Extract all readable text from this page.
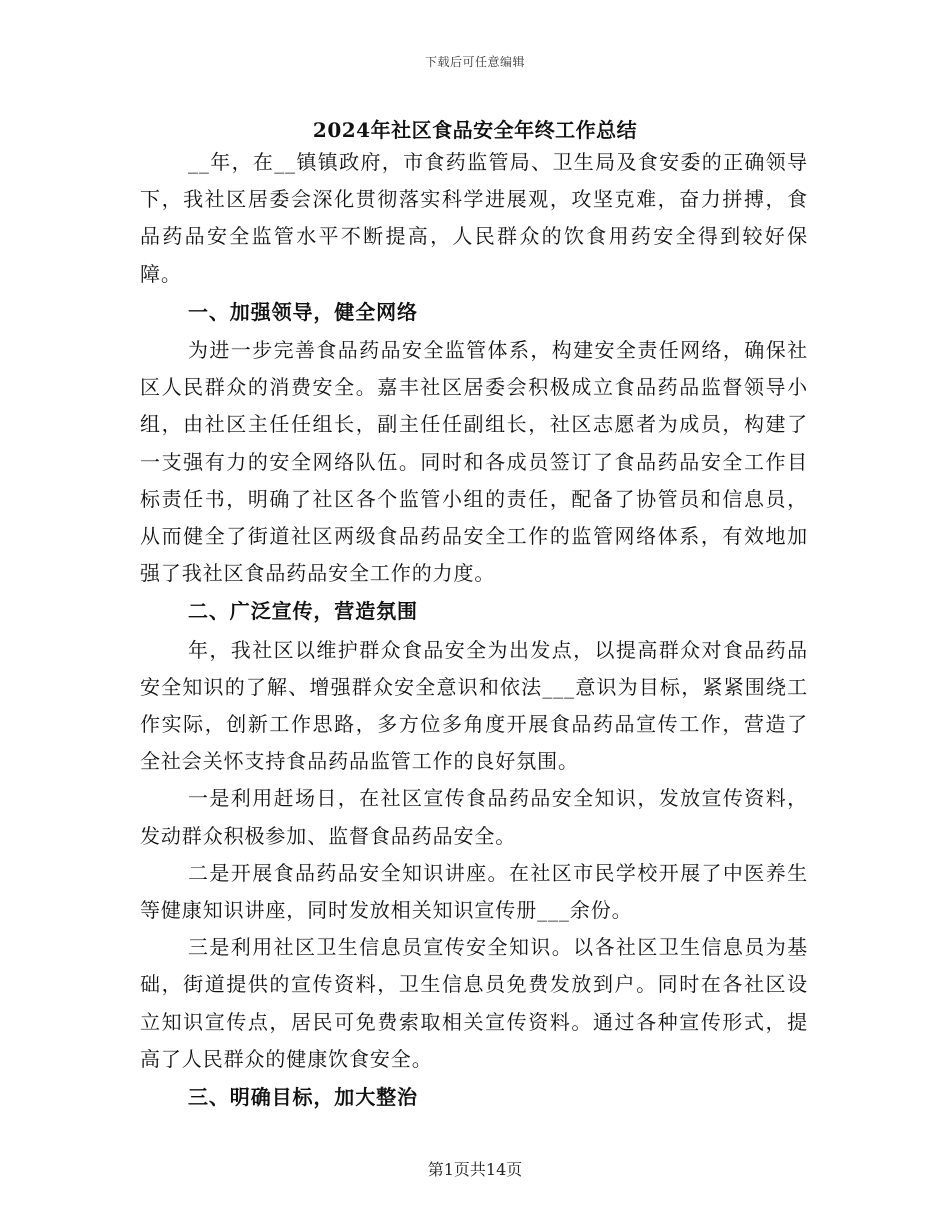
下载后可任意编辑
2024年社区食品安全年终工作总结

__年，在__镇镇政府，市食药监管局、卫生局及食安委的正确领导下，我社区居委会深化贯彻落实科学进展观，攻坚克难，奋力拼搏，食品药品安全监管水平不断提高，人民群众的饮食用药安全得到较好保障。

一、加强领导，健全网络

为进一步完善食品药品安全监管体系，构建安全责任网络，确保社区人民群众的消费安全。嘉丰社区居委会积极成立食品药品监督领导小组，由社区主任任组长，副主任任副组长，社区志愿者为成员，构建了一支强有力的安全网络队伍。同时和各成员签订了食品药品安全工作目标责任书，明确了社区各个监管小组的责任，配备了协管员和信息员，从而健全了街道社区两级食品药品安全工作的监管网络体系，有效地加强了我社区食品药品安全工作的力度。

二、广泛宣传，营造氛围

年，我社区以维护群众食品安全为出发点，以提高群众对食品药品安全知识的了解、增强群众安全意识和依法___意识为目标，紧紧围绕工作实际，创新工作思路，多方位多角度开展食品药品宣传工作，营造了全社会关怀支持食品药品监管工作的良好氛围。

一是利用赶场日，在社区宣传食品药品安全知识，发放宣传资料，发动群众积极参加、监督食品药品安全。

二是开展食品药品安全知识讲座。在社区市民学校开展了中医养生等健康知识讲座，同时发放相关知识宣传册___余份。

三是利用社区卫生信息员宣传安全知识。以各社区卫生信息员为基础，街道提供的宣传资料，卫生信息员免费发放到户。同时在各社区设立知识宣传点，居民可免费索取相关宣传资料。通过各种宣传形式，提高了人民群众的健康饮食安全。

三、明确目标，加大整治

第1页共14页
